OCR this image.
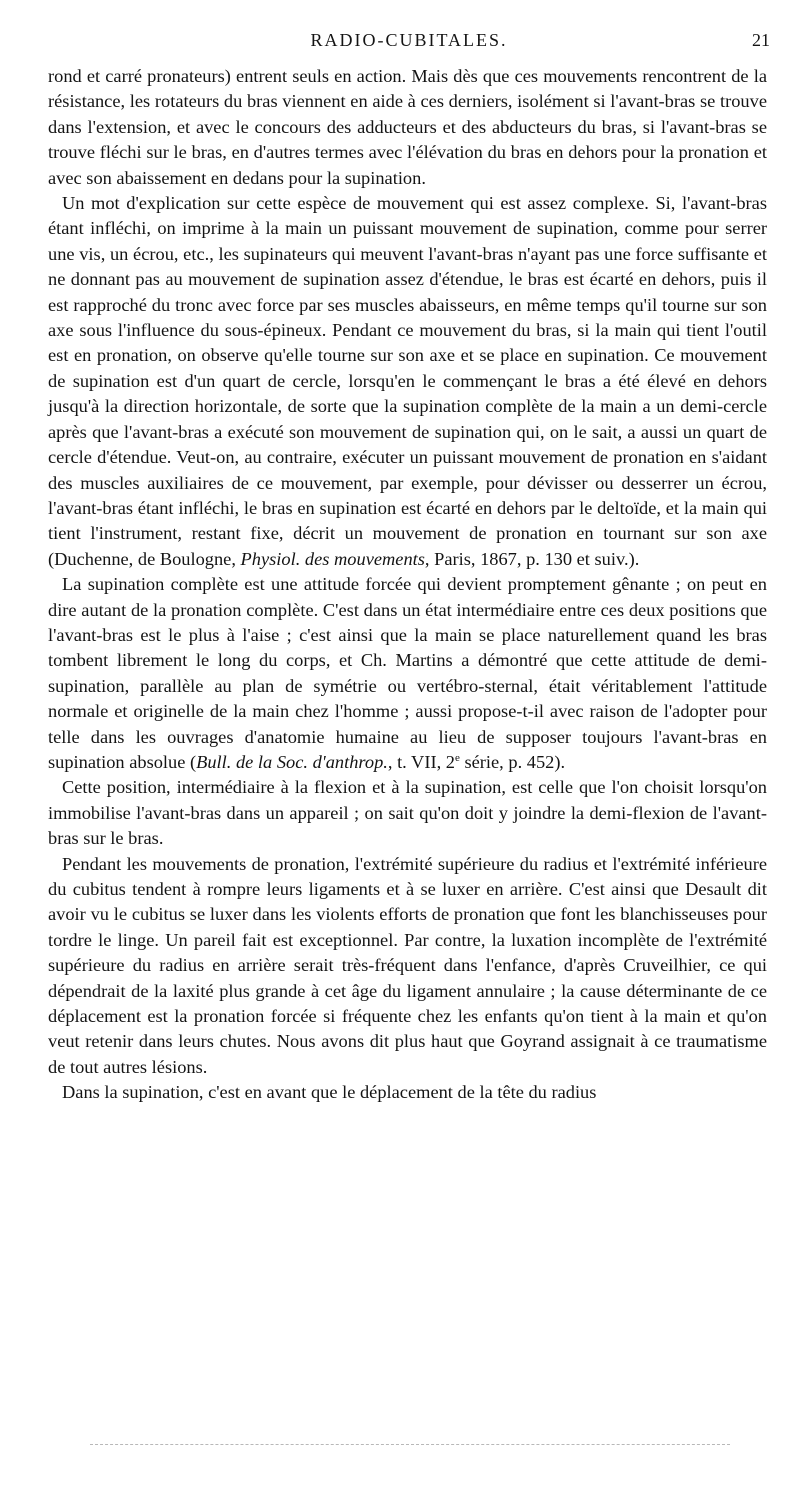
RADIO-CUBITALES.	21

rond et carré pronateurs) entrent seuls en action. Mais dès que ces mouvements rencontrent de la résistance, les rotateurs du bras viennent en aide à ces derniers, isolément si l'avant-bras se trouve dans l'extension, et avec le concours des adducteurs et des abducteurs du bras, si l'avant-bras se trouve fléchi sur le bras, en d'autres termes avec l'élévation du bras en dehors pour la pronation et avec son abaissement en dedans pour la supination.

Un mot d'explication sur cette espèce de mouvement qui est assez complexe. Si, l'avant-bras étant infléchi, on imprime à la main un puissant mouvement de supination, comme pour serrer une vis, un écrou, etc., les supinateurs qui meuvent l'avant-bras n'ayant pas une force suffisante et ne donnant pas au mouvement de supination assez d'étendue, le bras est écarté en dehors, puis il est rapproché du tronc avec force par ses muscles abaisseurs, en même temps qu'il tourne sur son axe sous l'influence du sous-épineux. Pendant ce mouvement du bras, si la main qui tient l'outil est en pronation, on observe qu'elle tourne sur son axe et se place en supination. Ce mouvement de supination est d'un quart de cercle, lorsqu'en le commençant le bras a été élevé en dehors jusqu'à la direction horizontale, de sorte que la supination complète de la main a un demi-cercle après que l'avant-bras a exécuté son mouvement de supination qui, on le sait, a aussi un quart de cercle d'étendue. Veut-on, au contraire, exécuter un puissant mouvement de pronation en s'aidant des muscles auxiliaires de ce mouvement, par exemple, pour dévisser ou desserrer un écrou, l'avant-bras étant infléchi, le bras en supination est écarté en dehors par le deltoïde, et la main qui tient l'instrument, restant fixe, décrit un mouvement de pronation en tournant sur son axe (Duchenne, de Boulogne, Physiol. des mouvements, Paris, 1867, p. 130 et suiv.).

La supination complète est une attitude forcée qui devient promptement gênante ; on peut en dire autant de la pronation complète. C'est dans un état intermédiaire entre ces deux positions que l'avant-bras est le plus à l'aise ; c'est ainsi que la main se place naturellement quand les bras tombent librement le long du corps, et Ch. Martins a démontré que cette attitude de demi-supination, parallèle au plan de symétrie ou vertébro-sternal, était véritablement l'attitude normale et originelle de la main chez l'homme ; aussi propose-t-il avec raison de l'adopter pour telle dans les ouvrages d'anatomie humaine au lieu de supposer toujours l'avant-bras en supination absolue (Bull. de la Soc. d'anthrop., t. VII, 2e série, p. 452).

Cette position, intermédiaire à la flexion et à la supination, est celle que l'on choisit lorsqu'on immobilise l'avant-bras dans un appareil ; on sait qu'on doit y joindre la demi-flexion de l'avant-bras sur le bras.

Pendant les mouvements de pronation, l'extrémité supérieure du radius et l'extrémité inférieure du cubitus tendent à rompre leurs ligaments et à se luxer en arrière. C'est ainsi que Desault dit avoir vu le cubitus se luxer dans les violents efforts de pronation que font les blanchisseuses pour tordre le linge. Un pareil fait est exceptionnel. Par contre, la luxation incomplète de l'extrémité supérieure du radius en arrière serait très-fréquent dans l'enfance, d'après Cruveilhier, ce qui dépendrait de la laxité plus grande à cet âge du ligament annulaire ; la cause déterminante de ce déplacement est la pronation forcée si fréquente chez les enfants qu'on tient à la main et qu'on veut retenir dans leurs chutes. Nous avons dit plus haut que Goyrand assignait à ce traumatisme de tout autres lésions.

Dans la supination, c'est en avant que le déplacement de la tête du radius
